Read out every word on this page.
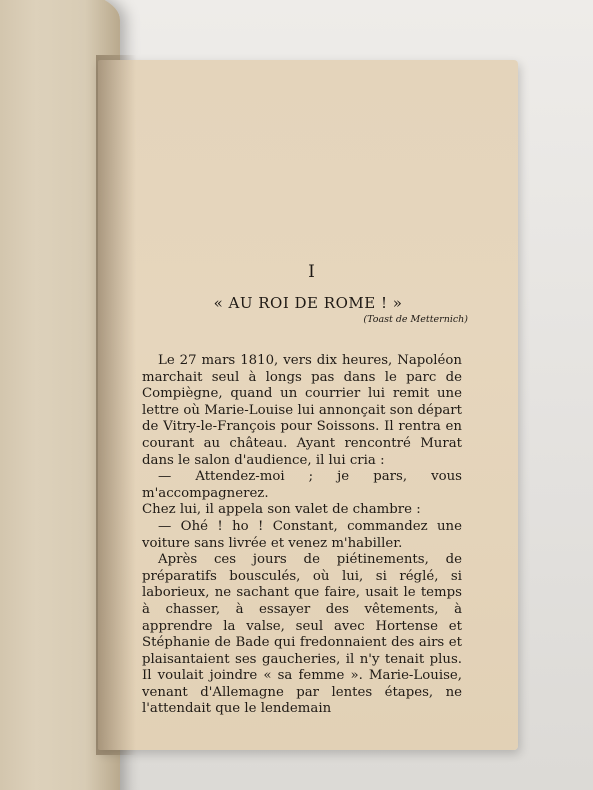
I
« AU ROI DE ROME ! »
(Toast de Metternich)

Le 27 mars 1810, vers dix heures, Napoléon marchait seul à longs pas dans le parc de Compiègne, quand un courrier lui remit une lettre où Marie-Louise lui annonçait son départ de Vitry-le-François pour Soissons. Il rentra en courant au château. Ayant rencontré Murat dans le salon d'audience, il lui cria :

— Attendez-moi ; je pars, vous m'accompagnerez.

Chez lui, il appela son valet de chambre :

— Ohé ! ho ! Constant, commandez une voiture sans livrée et venez m'habiller.

Après ces jours de piétinements, de préparatifs bousculés, où lui, si réglé, si laborieux, ne sachant que faire, usait le temps à chasser, à essayer des vêtements, à apprendre la valse, seul avec Hortense et Stéphanie de Bade qui fredonnaient des airs et plaisantaient ses gaucheries, il n'y tenait plus. Il voulait joindre « sa femme ». Marie-Louise, venant d'Allemagne par lentes étapes, ne l'attendait que le lendemain
